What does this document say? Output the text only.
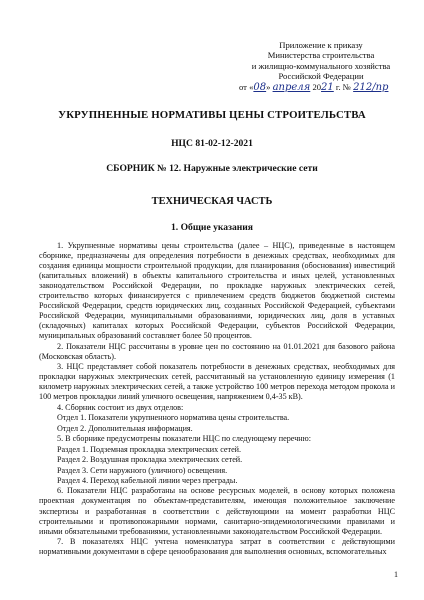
Приложение к приказу
Министерства строительства
и жилищно-коммунального хозяйства
Российской Федерации
от «08» апреля 2021 г. № 212/пр
УКРУПНЕННЫЕ НОРМАТИВЫ ЦЕНЫ СТРОИТЕЛЬСТВА
НЦС 81-02-12-2021
СБОРНИК № 12. Наружные электрические сети
ТЕХНИЧЕСКАЯ ЧАСТЬ
1. Общие указания

1. Укрупненные нормативы цены строительства (далее – НЦС), приведенные в настоящем сборнике, предназначены для определения потребности в денежных средствах, необходимых для создания единицы мощности строительной продукции, для планирования (обоснования) инвестиций (капитальных вложений) в объекты капитального строительства и иных целей, установленных законодательством Российской Федерации, по прокладке наружных электрических сетей, строительство которых финансируется с привлечением средств бюджетов бюджетной системы Российской Федерации, средств юридических лиц, созданных Российской Федерацией, субъектами Российской Федерации, муниципальными образованиями, юридических лиц, доля в уставных (складочных) капиталах которых Российской Федерации, субъектов Российской Федерации, муниципальных образований составляет более 50 процентов.

2. Показатели НЦС рассчитаны в уровне цен по состоянию на 01.01.2021 для базового района (Московская область).

3. НЦС представляет собой показатель потребности в денежных средствах, необходимых для прокладки наружных электрических сетей, рассчитанный на установленную единицу измерения (1 километр наружных электрических сетей, а также устройство 100 метров перехода методом прокола и 100 метров прокладки линий уличного освещения, напряжением 0,4-35 кВ).

4. Сборник состоит из двух отделов:

Отдел 1. Показатели укрупненного норматива цены строительства.

Отдел 2. Дополнительная информация.

5. В сборнике предусмотрены показатели НЦС по следующему перечню:

Раздел 1. Подземная прокладка электрических сетей.

Раздел 2. Воздушная прокладка электрических сетей.

Раздел 3. Сети наружного (уличного) освещения.

Раздел 4. Переход кабельной линии через преграды.

6. Показатели НЦС разработаны на основе ресурсных моделей, в основу которых положена проектная документация по объектам-представителям, имеющая положительное заключение экспертизы и разработанная в соответствии с действующими на момент разработки НЦС строительными и противопожарными нормами, санитарно-эпидемиологическими правилами и иными обязательными требованиями, установленными законодательством Российской Федерации.

7. В показателях НЦС учтена номенклатура затрат в соответствии с действующими нормативными документами в сфере ценообразования для выполнения основных, вспомогательных

1
